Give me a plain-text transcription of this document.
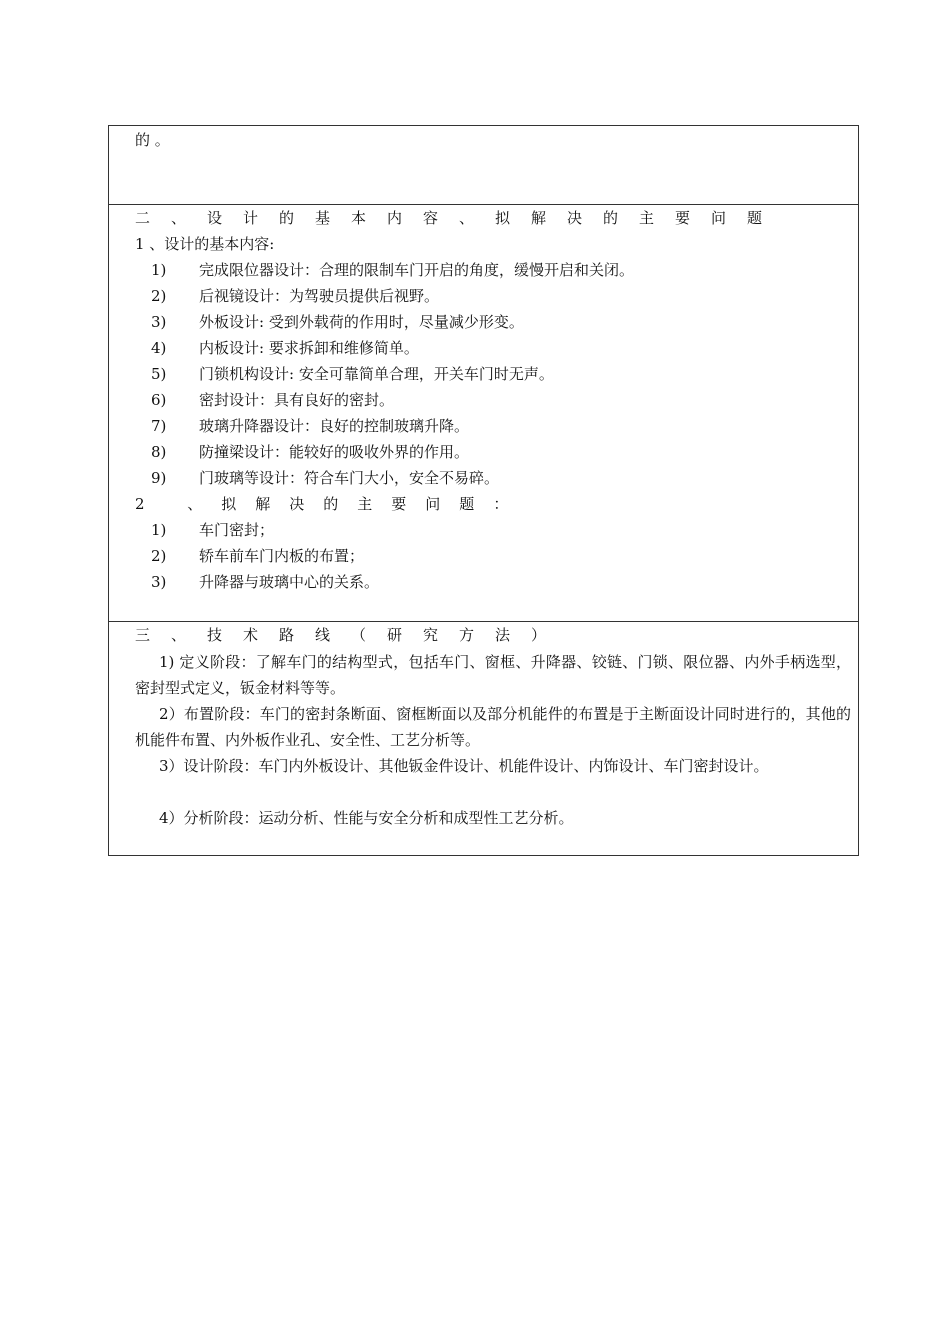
的 。
二、设计的基本内容、拟解决的主要问题
1 、设计的基本内容:
1) 完成限位器设计：合理的限制车门开启的角度，缓慢开启和关闭。
2) 后视镜设计：为驾驶员提供后视野。
3) 外板设计: 受到外载荷的作用时，尽量减少形变。
4) 内板设计: 要求拆卸和维修简单。
5) 门锁机构设计: 安全可靠简单合理，开关车门时无声。
6) 密封设计：具有良好的密封。
7) 玻璃升降器设计：良好的控制玻璃升降。
8) 防撞梁设计：能较好的吸收外界的作用。
9) 门玻璃等设计：符合车门大小，安全不易碎。
2 、拟解决的主要问题：
1) 车门密封；
2) 轿车前车门内板的布置；
3) 升降器与玻璃中心的关系。
三、技术路线（研究方法）
1) 定义阶段：了解车门的结构型式，包括车门、窗框、升降器、铰链、门锁、限位器、内外手柄选型，密封型式定义，钣金材料等等。
2）布置阶段：车门的密封条断面、窗框断面以及部分机能件的布置是于主断面设计同时进行的，其他的机能件布置、内外板作业孔、安全性、工艺分析等。
3）设计阶段：车门内外板设计、其他钣金件设计、机能件设计、内饰设计、车门密封设计。
4）分析阶段：运动分析、性能与安全分析和成型性工艺分析。
